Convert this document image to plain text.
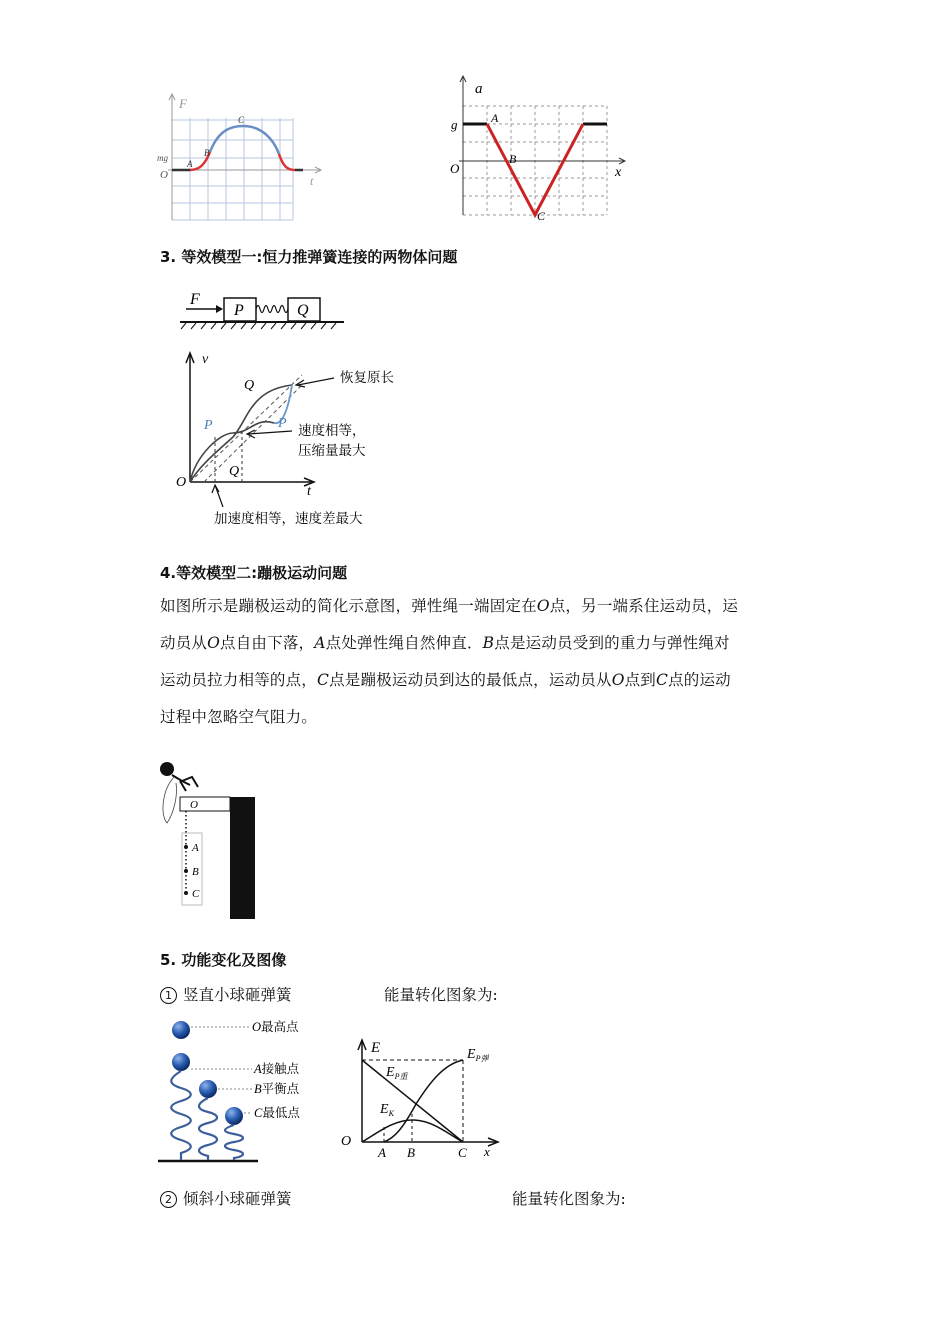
F
t
O
mg
A
B
C
a
x
O
g	A
B
C
3. 等效模型一:恒力推弹簧连接的两物体问题
F
P	Q
v
t
O
Q
Q
P	P
恢复原长
速度相等，
压缩量最大
加速度相等，速度差最大
4.等效模型二:蹦极运动问题
如图所示是蹦极运动的简化示意图，弹性绳一端固定在O点，另一端系住运动员，运
动员从O点自由下落，A点处弹性绳自然伸直．B点是运动员受到的重力与弹性绳对
运动员拉力相等的点，C点是蹦极运动员到达的最低点，运动员从O点到C点的运动
过程中忽略空气阻力。
O
A
B
C
5. 功能变化及图像
1 竖直小球砸弹簧	能量转化图象为:
O最高点
A接触点
B平衡点
C最低点
E
x
O
$E_{P重}$
$E_K$
$E_{P弹}$
A B	C
2 倾斜小球砸弹簧	能量转化图象为:
